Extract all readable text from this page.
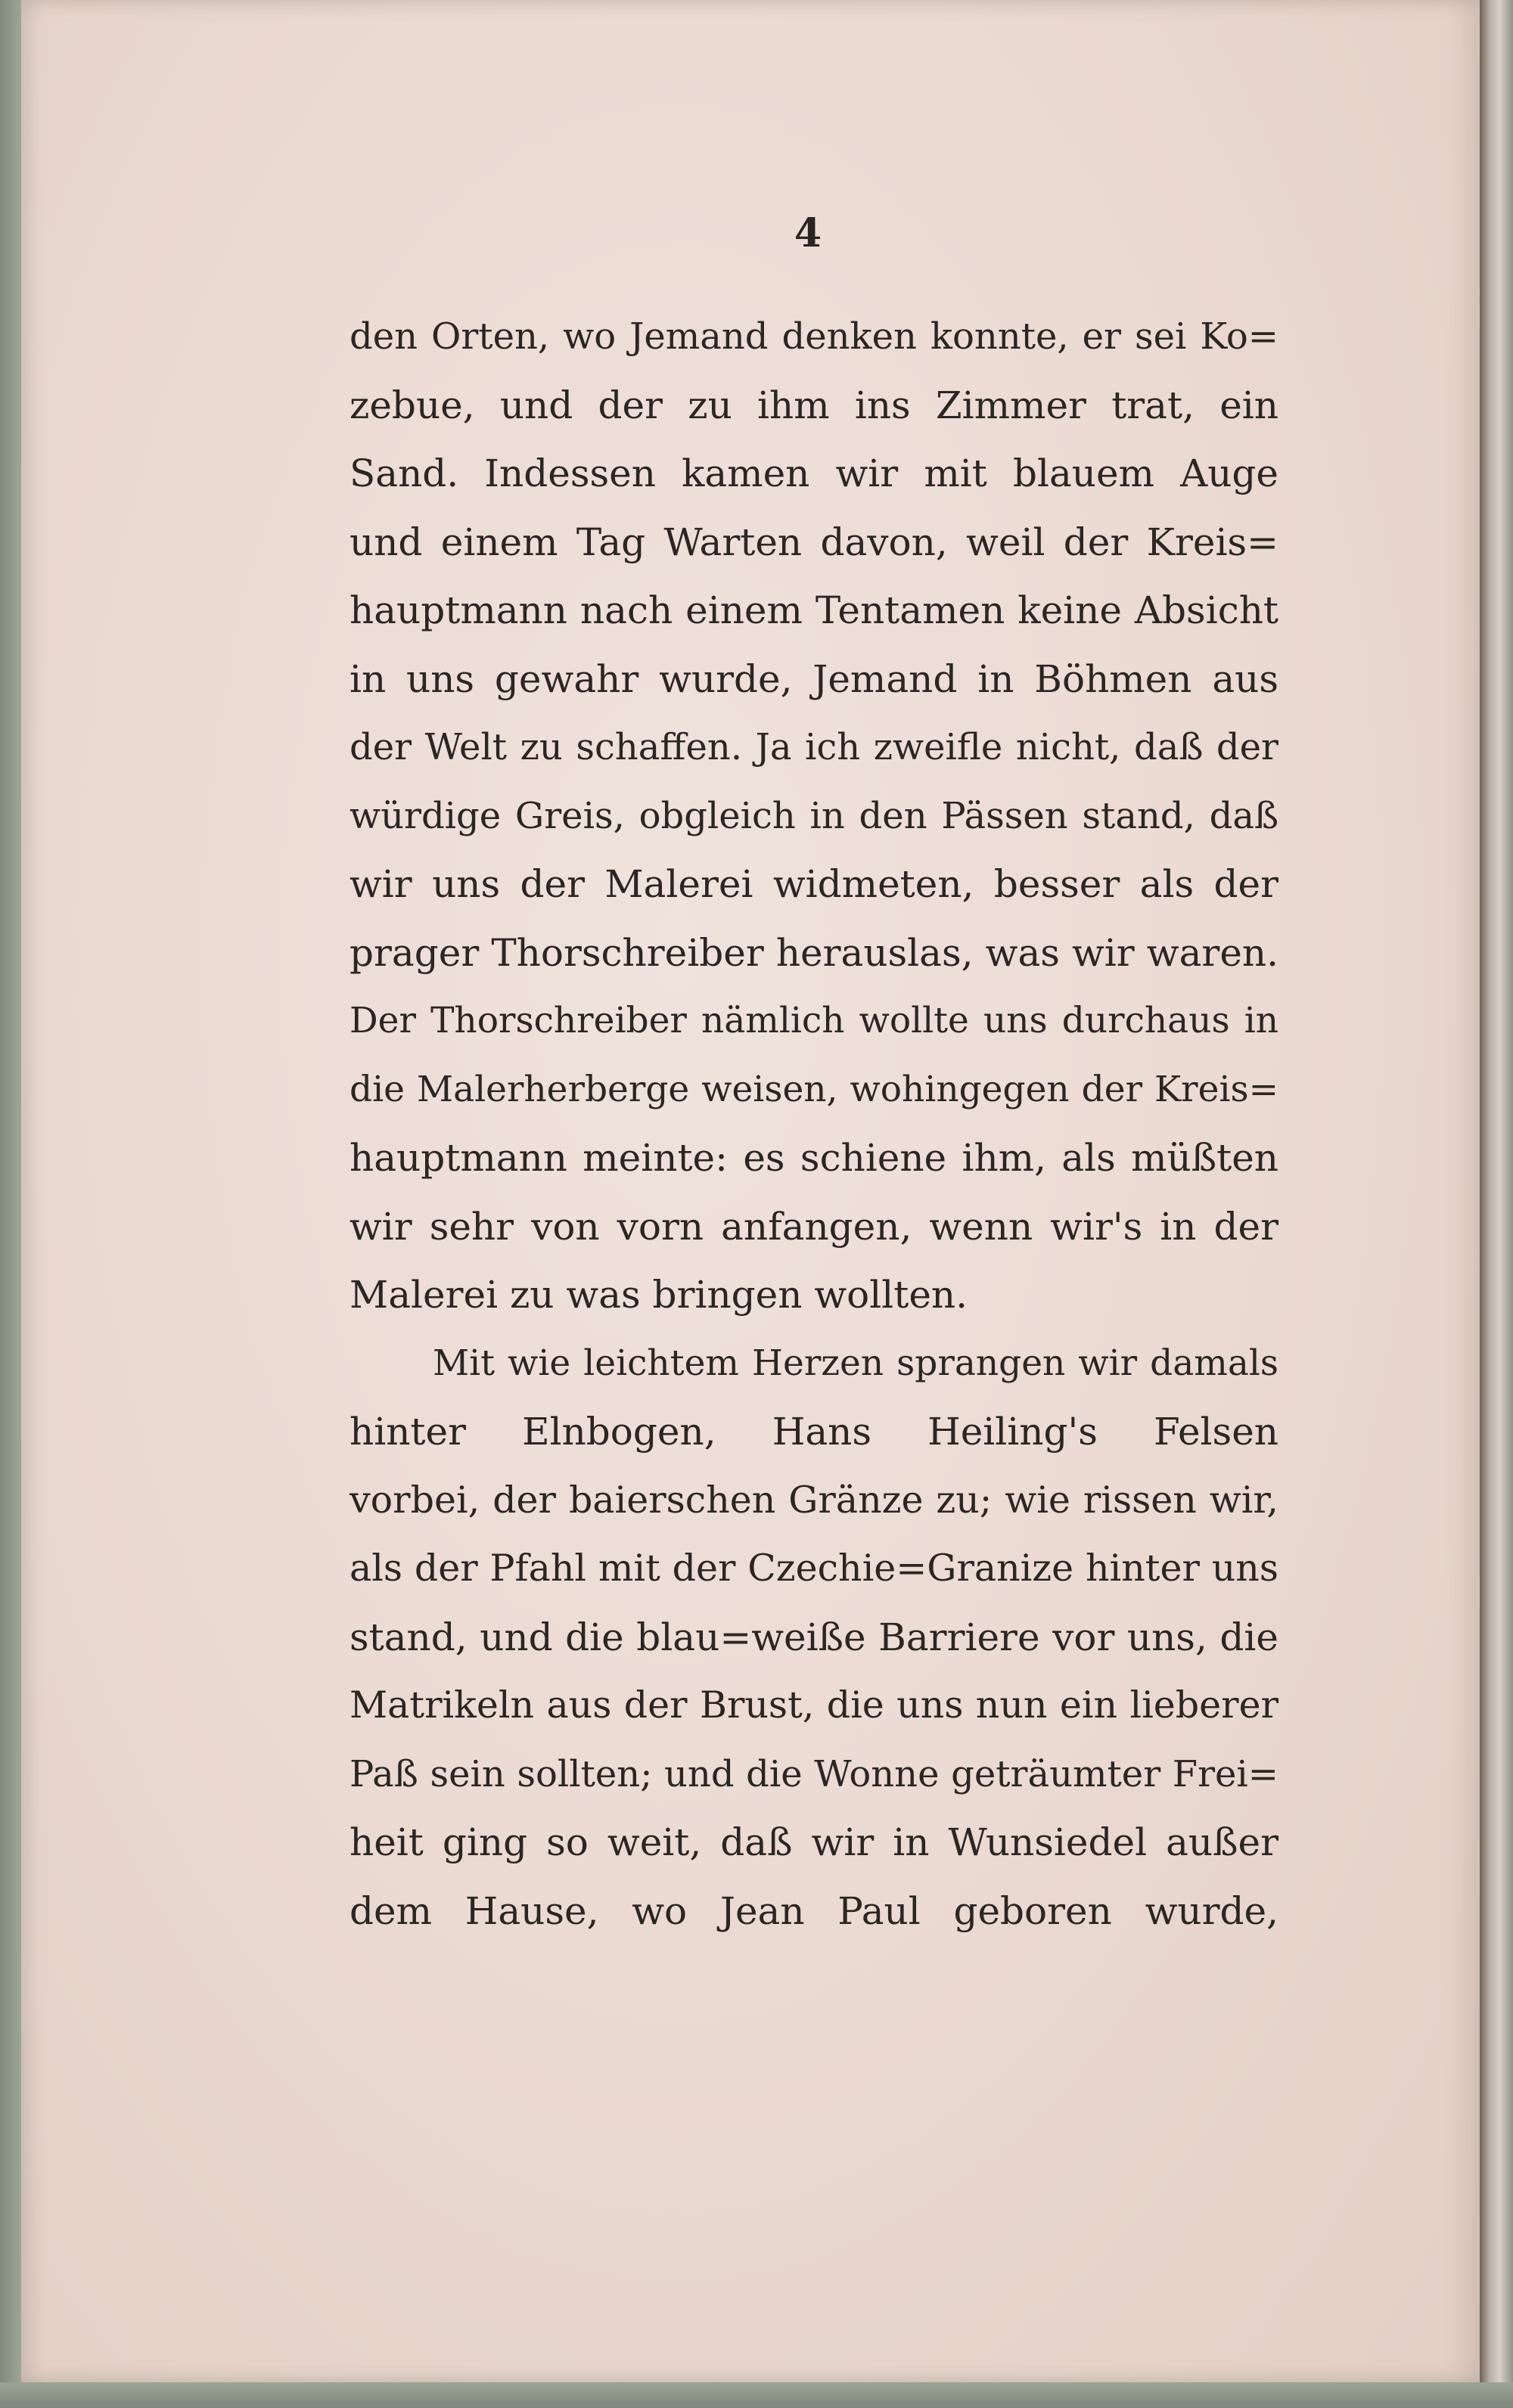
4
den Orten, wo Jemand denken konnte, er sei Ko=
zebue, und der zu ihm ins Zimmer trat, ein
Sand. Indessen kamen wir mit blauem Auge
und einem Tag Warten davon, weil der Kreis=
hauptmann nach einem Tentamen keine Absicht
in uns gewahr wurde, Jemand in Böhmen aus
der Welt zu schaffen. Ja ich zweifle nicht, daß der
würdige Greis, obgleich in den Pässen stand, daß
wir uns der Malerei widmeten, besser als der
prager Thorschreiber herauslas, was wir waren.
Der Thorschreiber nämlich wollte uns durchaus in
die Malerherberge weisen, wohingegen der Kreis=
hauptmann meinte: es schiene ihm, als müßten
wir sehr von vorn anfangen, wenn wir's in der
Malerei zu was bringen wollten.
Mit wie leichtem Herzen sprangen wir damals
hinter Elnbogen, Hans Heiling's Felsen
vorbei, der baierschen Gränze zu; wie rissen wir,
als der Pfahl mit der Czechie=Granize hinter uns
stand, und die blau=weiße Barriere vor uns, die
Matrikeln aus der Brust, die uns nun ein lieberer
Paß sein sollten; und die Wonne geträumter Frei=
heit ging so weit, daß wir in Wunsiedel außer
dem Hause, wo Jean Paul geboren wurde,
